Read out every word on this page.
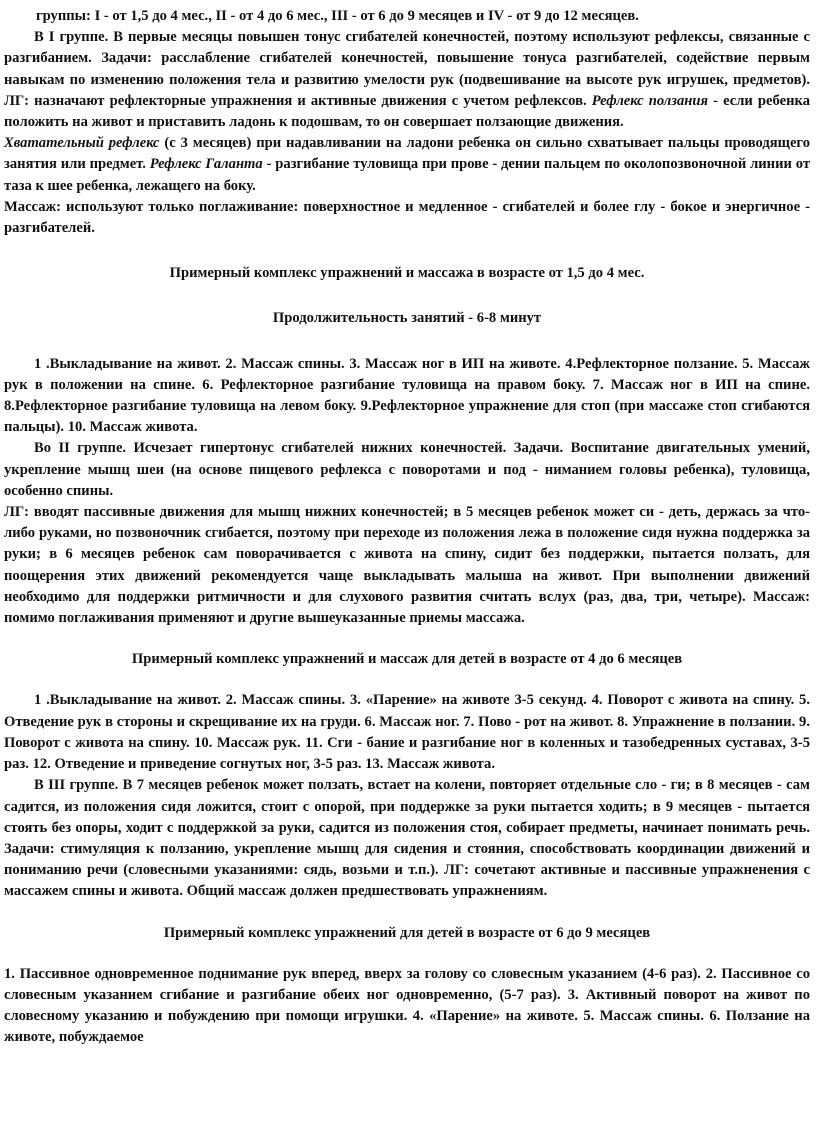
группы: I - от 1,5 до 4 мес., II - от 4 до 6 мес., III - от 6 до 9 месяцев и IV - от 9 до 12 месяцев.

В I группе. В первые месяцы повышен тонус сгибателей конечностей, поэтому используют рефлексы, связанные с разгибанием. Задачи: расслабление сгибателей конечностей, повышение тонуса разгибателей, содействие первым навыкам по изменению положения тела и развитию умелости рук (подвешивание на высоте рук игрушек, предметов). ЛГ: назначают рефлекторные упражнения и активные движения с учетом рефлексов. Рефлекс ползания - если ребенка положить на живот и приставить ладонь к подошвам, то он совершает ползающие движения.

Хватательный рефлекс (с 3 месяцев) при надавливании на ладони ребенка он сильно схватывает пальцы проводящего занятия или предмет. Рефлекс Галанта - разгибание туловища при прове - дении пальцем по околопозвоночной линии от таза к шее ребенка, лежащего на боку.

Массаж: используют только поглаживание: поверхностное и медленное - сгибателей и более глу - бокое и энергичное - разгибателей.

Примерный комплекс упражнений и массажа в возрасте от 1,5 до 4 мес.

Продолжительность занятий - 6-8 минут

1 .Выкладывание на живот. 2. Массаж спины. 3. Массаж ног в ИП на животе. 4.Рефлекторное ползание. 5. Массаж рук в положении на спине. 6. Рефлекторное разгибание туловища на правом боку. 7. Массаж ног в ИП на спине. 8.Рефлекторное разгибание туловища на левом боку. 9.Рефлекторное упражнение для стоп (при массаже стоп сгибаются пальцы). 10. Массаж живота.

Во II группе. Исчезает гипертонус сгибателей нижних конечностей. Задачи. Воспитание двигательных умений, укрепление мышц шеи (на основе пищевого рефлекса с поворотами и под - ниманием головы ребенка), туловища, особенно спины.

ЛГ: вводят пассивные движения для мышц нижних конечностей; в 5 месяцев ребенок может си - деть, держась за что-либо руками, но позвоночник сгибается, поэтому при переходе из положения лежа в положение сидя нужна поддержка за руки; в 6 месяцев ребенок сам поворачивается с живота на спину, сидит без поддержки, пытается ползать, для поощерения этих движений рекомендуется чаще выкладывать малыша на живот. При выполнении движений необходимо для поддержки ритмичности и для слухового развития считать вслух (раз, два, три, четыре). Массаж: помимо поглаживания применяют и другие вышеуказанные приемы массажа.

Примерный комплекс упражнений и массаж для детей в возрасте от 4 до 6 месяцев

1 .Выкладывание на живот. 2. Массаж спины. 3. «Парение» на животе 3-5 секунд. 4. Поворот с живота на спину. 5. Отведение рук в стороны и скрещивание их на груди. 6. Массаж ног. 7. Пово - рот на живот. 8. Упражнение в ползании. 9. Поворот с живота на спину. 10. Массаж рук. 11. Сги - бание и разгибание ног в коленных и тазобедренных суставах, 3-5 раз. 12. Отведение и приведение согнутых ног, 3-5 раз. 13. Массаж живота.

В III группе. В 7 месяцев ребенок может ползать, встает на колени, повторяет отдельные сло - ги; в 8 месяцев - сам садится, из положения сидя ложится, стоит с опорой, при поддержке за руки пытается ходить; в 9 месяцев - пытается стоять без опоры, ходит с поддержкой за руки, садится из положения стоя, собирает предметы, начинает понимать речь. Задачи: стимуляция к ползанию, укрепление мышц для сидения и стояния, способствовать координации движений и пониманию речи (словесными указаниями: сядь, возьми и т.п.). ЛГ: сочетают активные и пассивные упражненения с массажем спины и живота. Общий массаж должен предшествовать упражнениям.

Примерный комплекс упражнений для детей в возрасте от 6 до 9 месяцев

1. Пассивное одновременное поднимание рук вперед, вверх за голову со словесным указанием (4-6 раз). 2. Пассивное со словесным указанием сгибание и разгибание обеих ног одновременно, (5-7 раз). 3. Активный поворот на живот по словесному указанию и побуждению при помощи игрушки. 4. «Парение» на животе. 5. Массаж спины. 6. Ползание на животе, побуждаемое
